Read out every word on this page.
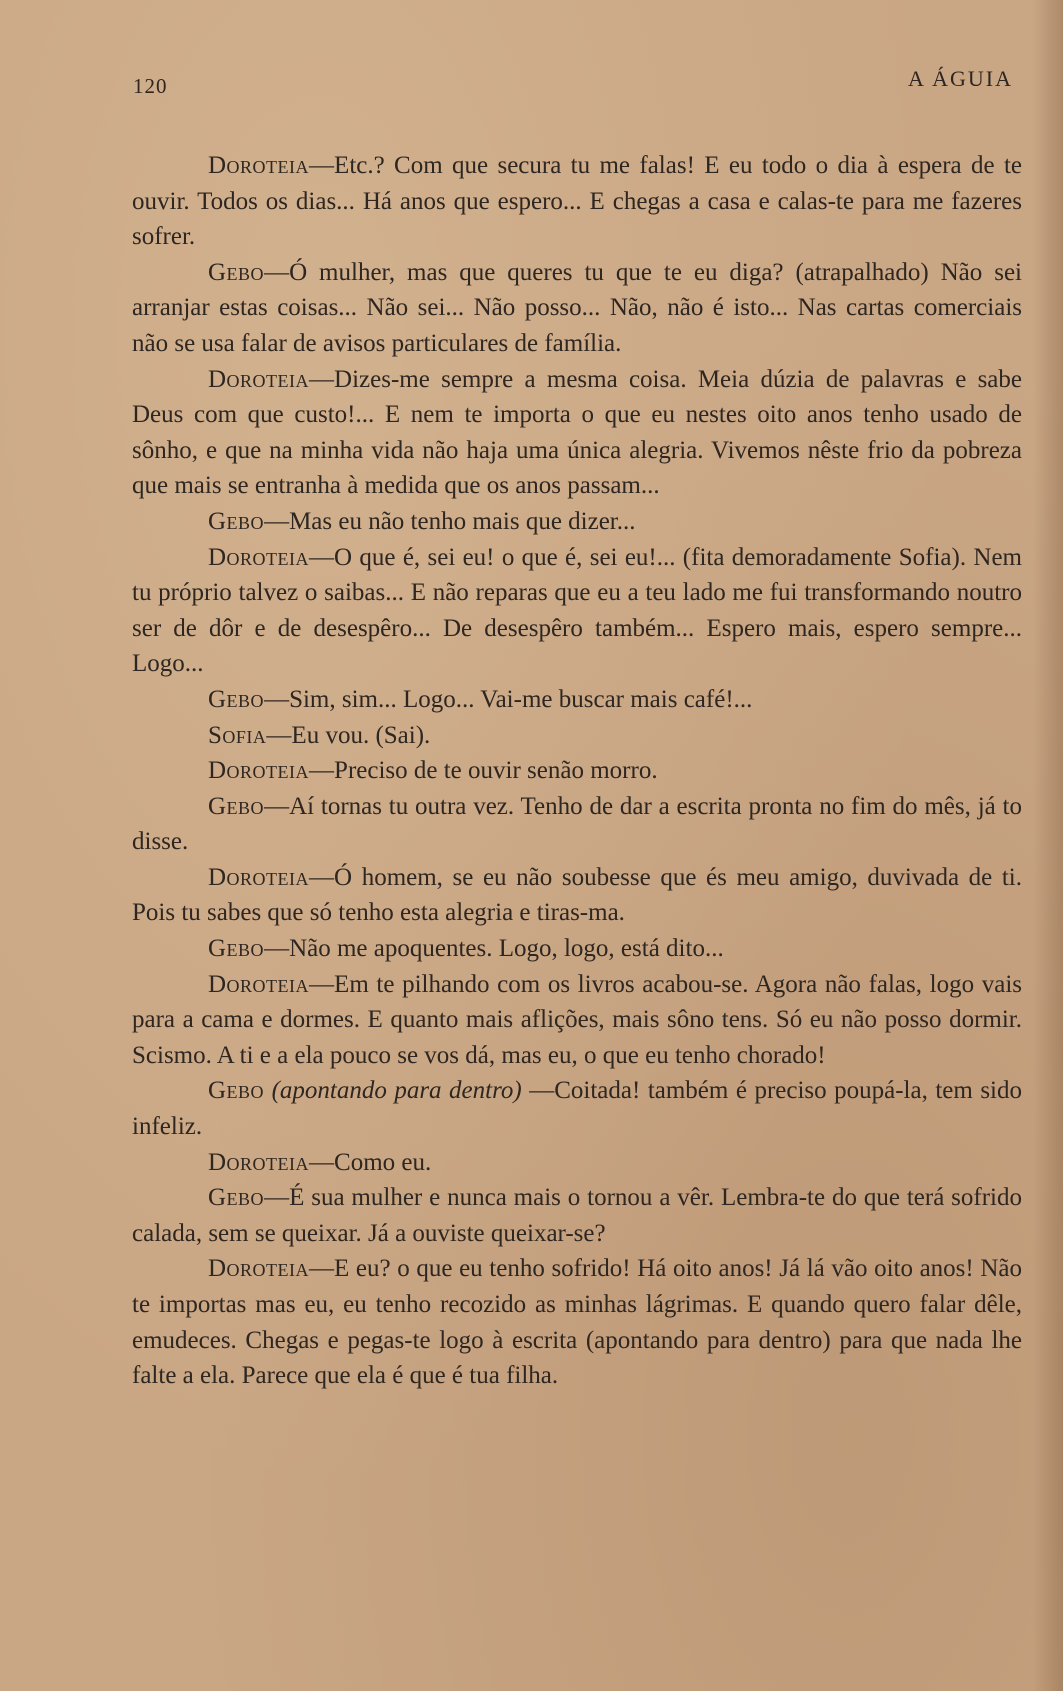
120	A ÁGUIA

Doroteia—Etc.? Com que secura tu me falas! E eu todo o dia à espera de te ouvir. Todos os dias... Há anos que espero... E chegas a casa e calas-te para me fazeres sofrer.

Gebo—Ó mulher, mas que queres tu que te eu diga? (atrapalhado) Não sei arranjar estas coisas... Não sei... Não posso... Não, não é isto... Nas cartas comerciais não se usa falar de avisos particulares de família.

Doroteia—Dizes-me sempre a mesma coisa. Meia dúzia de palavras e sabe Deus com que custo!... E nem te importa o que eu nestes oito anos tenho usado de sônho, e que na minha vida não haja uma única alegria. Vivemos nêste frio da pobreza que mais se entranha à medida que os anos passam...

Gebo—Mas eu não tenho mais que dizer...

Doroteia—O que é, sei eu! o que é, sei eu!... (fita demoradamente Sofia). Nem tu próprio talvez o saibas... E não reparas que eu a teu lado me fui transformando noutro ser de dôr e de desespêro... De desespêro também... Espero mais, espero sempre... Logo...

Gebo—Sim, sim... Logo... Vai-me buscar mais café!...

Sofia—Eu vou. (Sai).

Doroteia—Preciso de te ouvir senão morro.

Gebo—Aí tornas tu outra vez. Tenho de dar a escrita pronta no fim do mês, já to disse.

Doroteia—Ó homem, se eu não soubesse que és meu amigo, duvivada de ti. Pois tu sabes que só tenho esta alegria e tiras-ma.

Gebo—Não me apoquentes. Logo, logo, está dito...

Doroteia—Em te pilhando com os livros acabou-se. Agora não falas, logo vais para a cama e dormes. E quanto mais aflições, mais sôno tens. Só eu não posso dormir. Scismo. A ti e a ela pouco se vos dá, mas eu, o que eu tenho chorado!

Gebo (apontando para dentro) —Coitada! também é preciso poupá-la, tem sido infeliz.

Doroteia—Como eu.

Gebo—É sua mulher e nunca mais o tornou a vêr. Lembra-te do que terá sofrido calada, sem se queixar. Já a ouviste queixar-se?

Doroteia—E eu? o que eu tenho sofrido! Há oito anos! Já lá vão oito anos! Não te importas mas eu, eu tenho recozido as minhas lágrimas. E quando quero falar dêle, emudeces. Chegas e pegas-te logo à escrita (apontando para dentro) para que nada lhe falte a ela. Parece que ela é que é tua filha.
